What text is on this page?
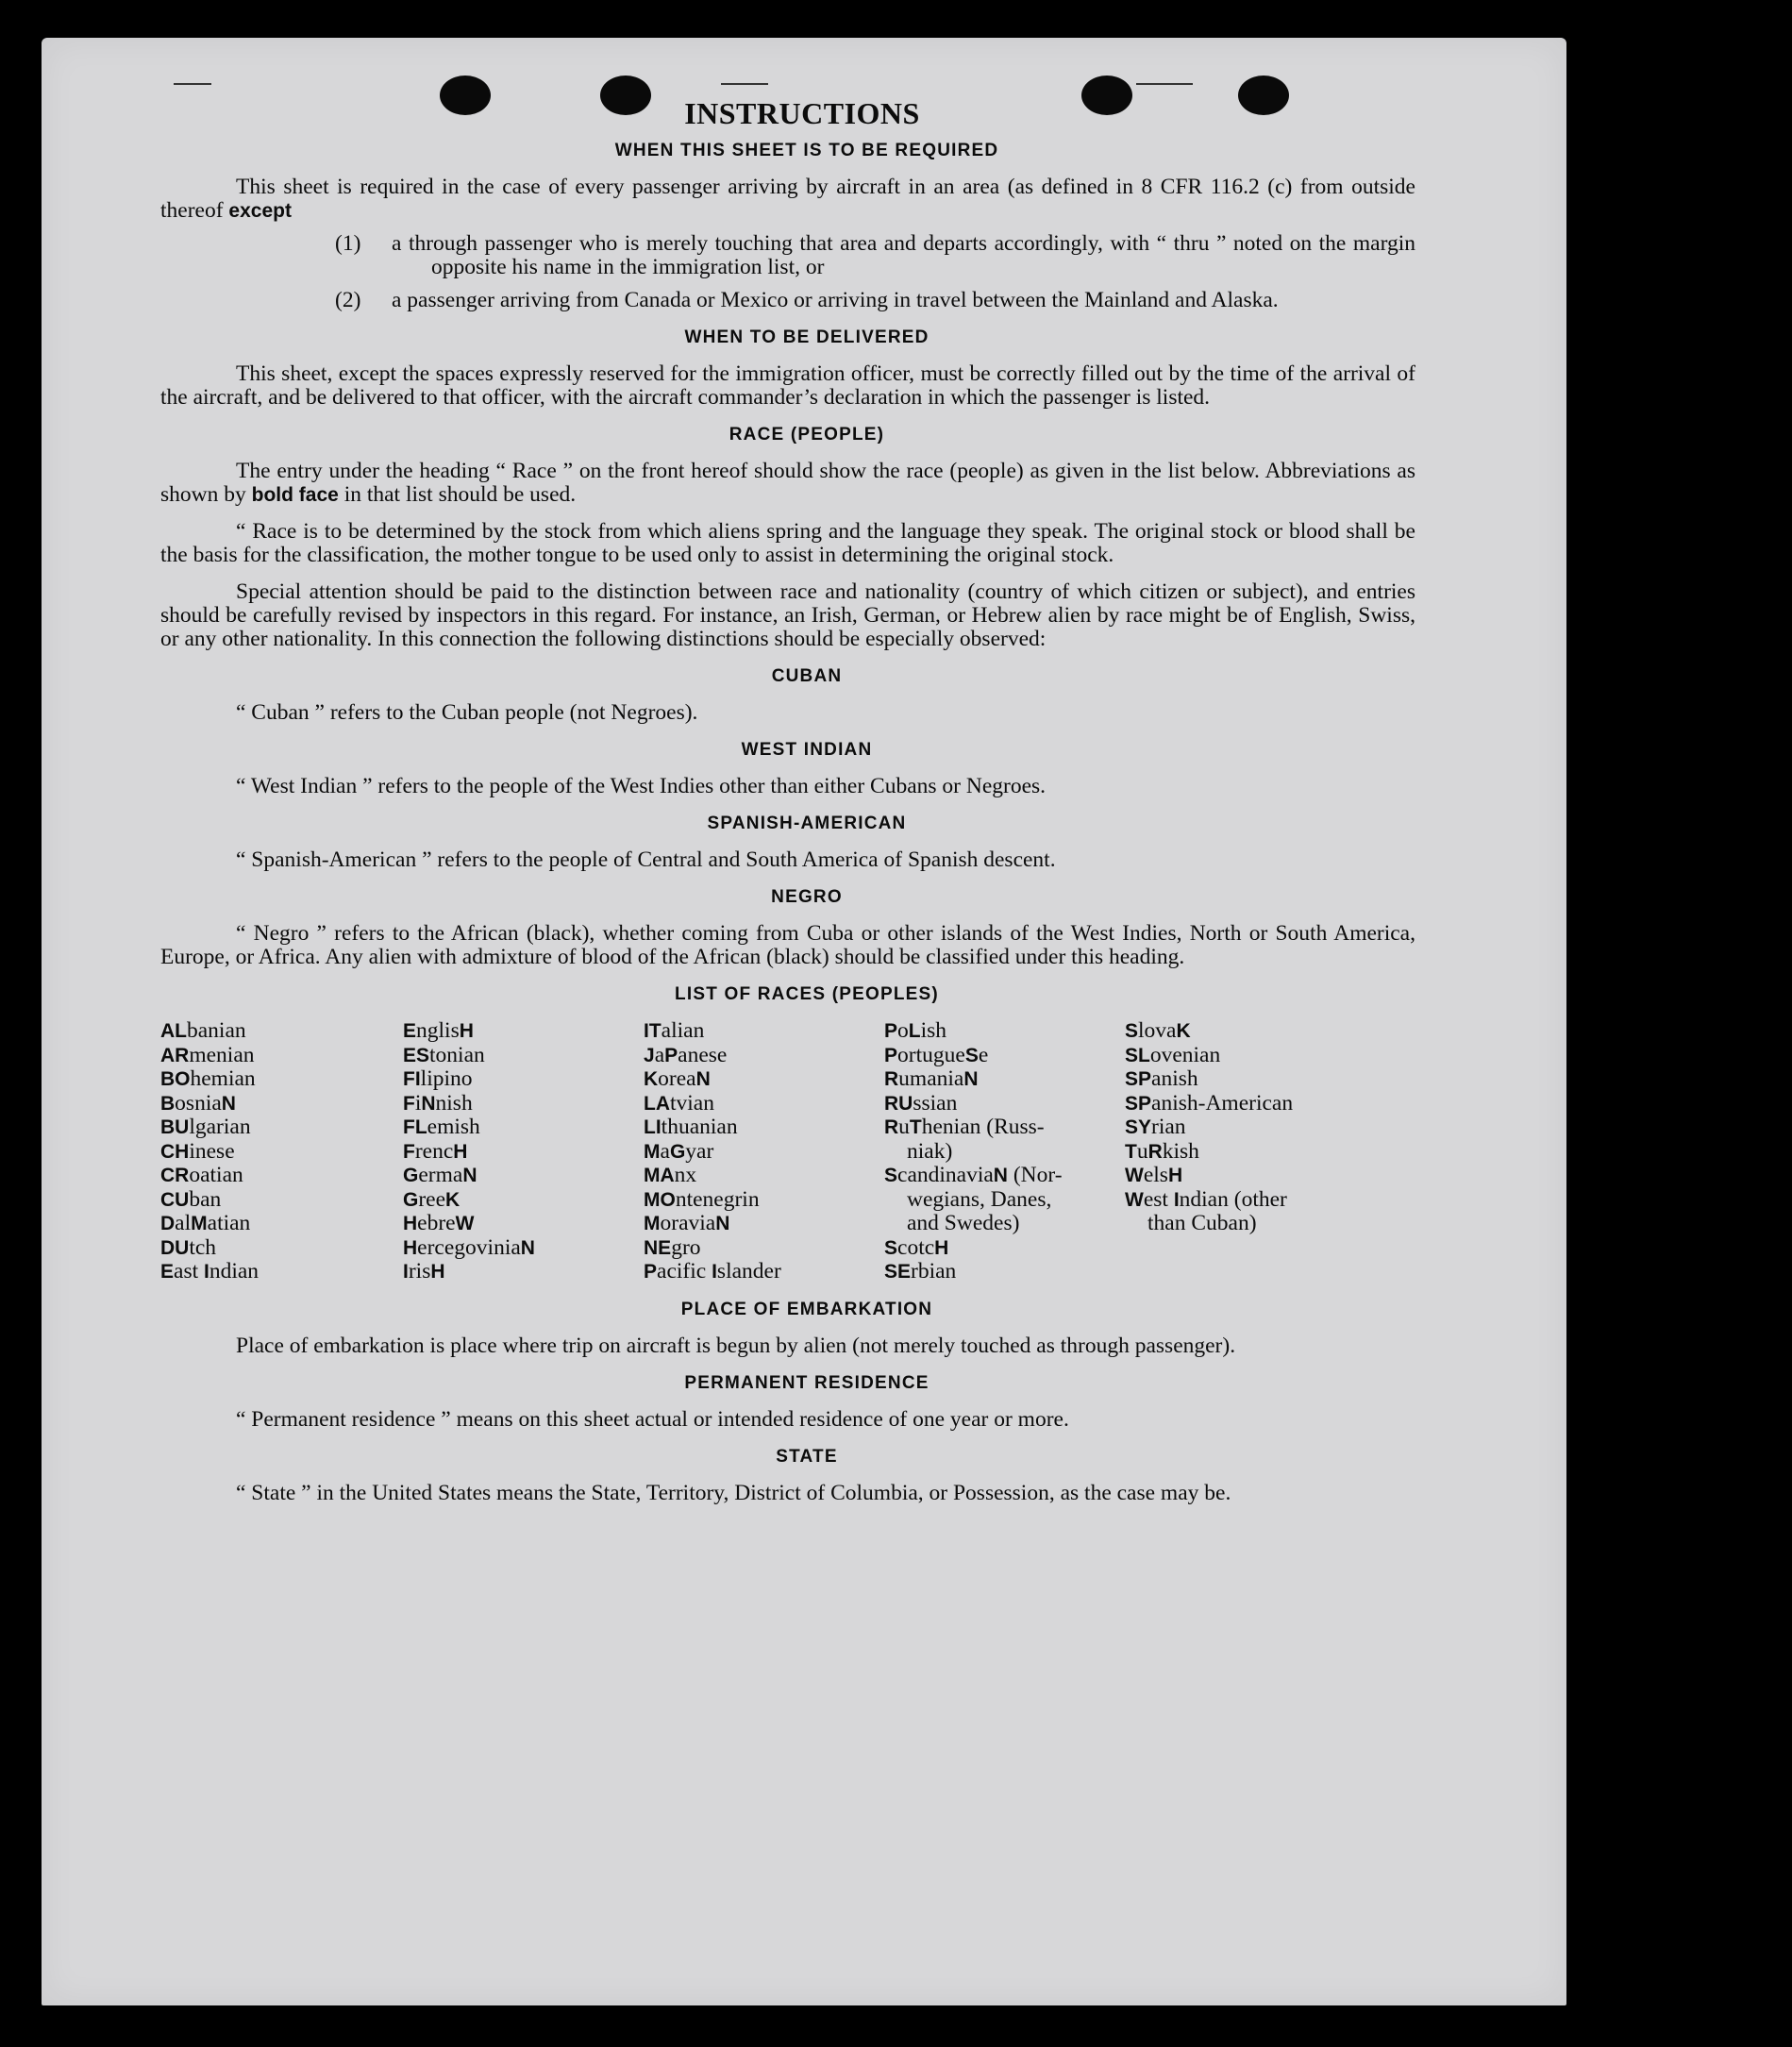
INSTRUCTIONS
WHEN THIS SHEET IS TO BE REQUIRED

This sheet is required in the case of every passenger arriving by aircraft in an area (as defined in 8 CFR 116.2 (c) from outside thereof except

(1)	a through passenger who is merely touching that area and departs accordingly, with “ thru ” noted on the margin opposite his name in the immigration list, or
(2)	a passenger arriving from Canada or Mexico or arriving in travel between the Mainland and Alaska.
WHEN TO BE DELIVERED

This sheet, except the spaces expressly reserved for the immigration officer, must be correctly filled out by the time of the arrival of the aircraft, and be delivered to that officer, with the aircraft commander’s declaration in which the passenger is listed.

RACE (PEOPLE)

The entry under the heading “ Race ” on the front hereof should show the race (people) as given in the list below. Abbreviations as shown by bold face in that list should be used.

“ Race is to be determined by the stock from which aliens spring and the language they speak. The original stock or blood shall be the basis for the classification, the mother tongue to be used only to assist in determining the original stock.

Special attention should be paid to the distinction between race and nationality (country of which citizen or subject), and entries should be carefully revised by inspectors in this regard. For instance, an Irish, German, or Hebrew alien by race might be of English, Swiss, or any other nationality. In this connection the following distinctions should be especially observed:

CUBAN

“ Cuban ” refers to the Cuban people (not Negroes).

WEST INDIAN

“ West Indian ” refers to the people of the West Indies other than either Cubans or Negroes.

SPANISH-AMERICAN

“ Spanish-American ” refers to the people of Central and South America of Spanish descent.

NEGRO

“ Negro ” refers to the African (black), whether coming from Cuba or other islands of the West Indies, North or South America, Europe, or Africa. Any alien with admixture of blood of the African (black) should be classified under this heading.

LIST OF RACES (PEOPLES)
ALbanian
ARmenian
BOhemian
BosniaN
BUlgarian
CHinese
CRoatian
CUban
DalMatian
DUtch
East Indian
EnglisH
EStonian
FIlipino
FiNnish
FLemish
FrencH
GermaN
GreeK
HebreW
HercegoviniaN
IrisH
ITalian
JaPanese
KoreaN
LAtvian
LIthuanian
MaGyar
MAnx
MOntenegrin
MoraviaN
NEgro
Pacific Islander
PoLish
PortugueSe
RumaniaN
RUssian
RuThenian (Russ-
niak)
ScandinaviaN (Nor-
wegians, Danes,
and Swedes)
ScotcH
SErbian
SlovaK
SLovenian
SPanish
SPanish-American
SYrian
TuRkish
WelsH
West Indian (other
than Cuban)
PLACE OF EMBARKATION

Place of embarkation is place where trip on aircraft is begun by alien (not merely touched as through passenger).

PERMANENT RESIDENCE

“ Permanent residence ” means on this sheet actual or intended residence of one year or more.

STATE

“ State ” in the United States means the State, Territory, District of Columbia, or Possession, as the case may be.
